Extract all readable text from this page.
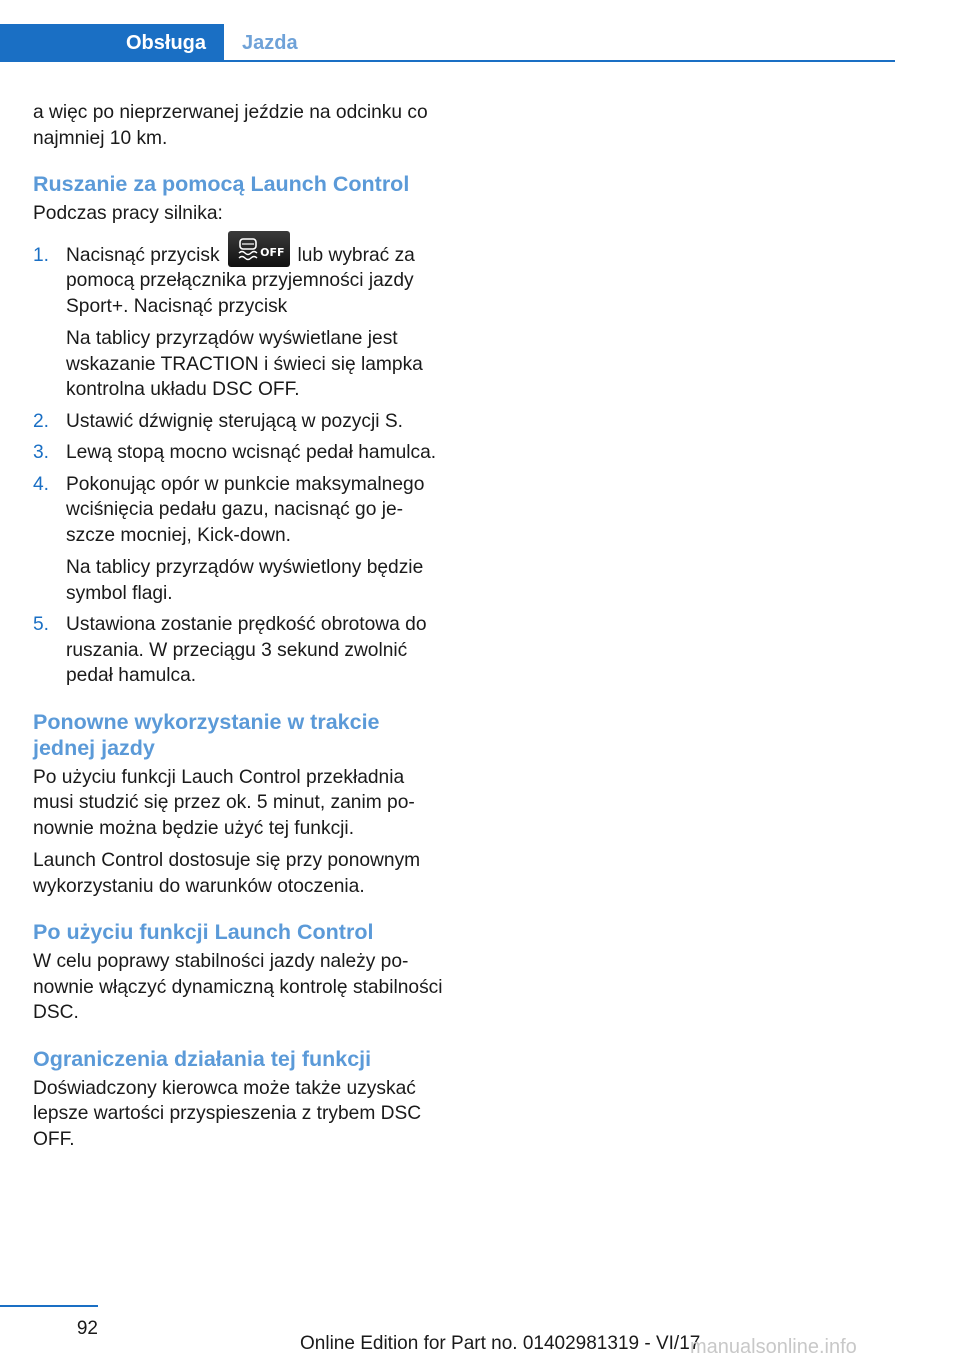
Obsługa	Jazda

a więc po nieprzerwanej jeździe na odcinku co najmniej 10 km.

Ruszanie za pomocą Launch Control

Podczas pracy silnika:

1. Nacisnąć przycisk	OFF lub wybrać za pomocą przełącznika przyjemności jazdy Sport+. Nacisnąć przycisk
Na tablicy przyrządów wyświetlane jest wskazanie TRACTION i świeci się lampka kontrolna układu DSC OFF.
2. Ustawić dźwignię sterującą w pozycji S.
3. Lewą stopą mocno wcisnąć pedał hamulca.
4. Pokonując opór w punkcie maksymalnego wciśnięcia pedału gazu, nacisnąć go jeszcze mocniej, Kick-down.
Na tablicy przyrządów wyświetlony będzie symbol flagi.
5. Ustawiona zostanie prędkość obrotowa do ruszania. W przeciągu 3 sekund zwolnić pedał hamulca.
Ponowne wykorzystanie w trakcie jednej jazdy

Po użyciu funkcji Lauch Control przekładnia musi studzić się przez ok. 5 minut, zanim ponownie można będzie użyć tej funkcji.

Launch Control dostosuje się przy ponownym wykorzystaniu do warunków otoczenia.

Po użyciu funkcji Launch Control

W celu poprawy stabilności jazdy należy ponownie włączyć dynamiczną kontrolę stabilności DSC.

Ograniczenia działania tej funkcji

Doświadczony kierowca może także uzyskać lepsze wartości przyspieszenia z trybem DSC OFF.

92
Online Edition for Part no. 01402981319 - VI/17
manualsonline.info
